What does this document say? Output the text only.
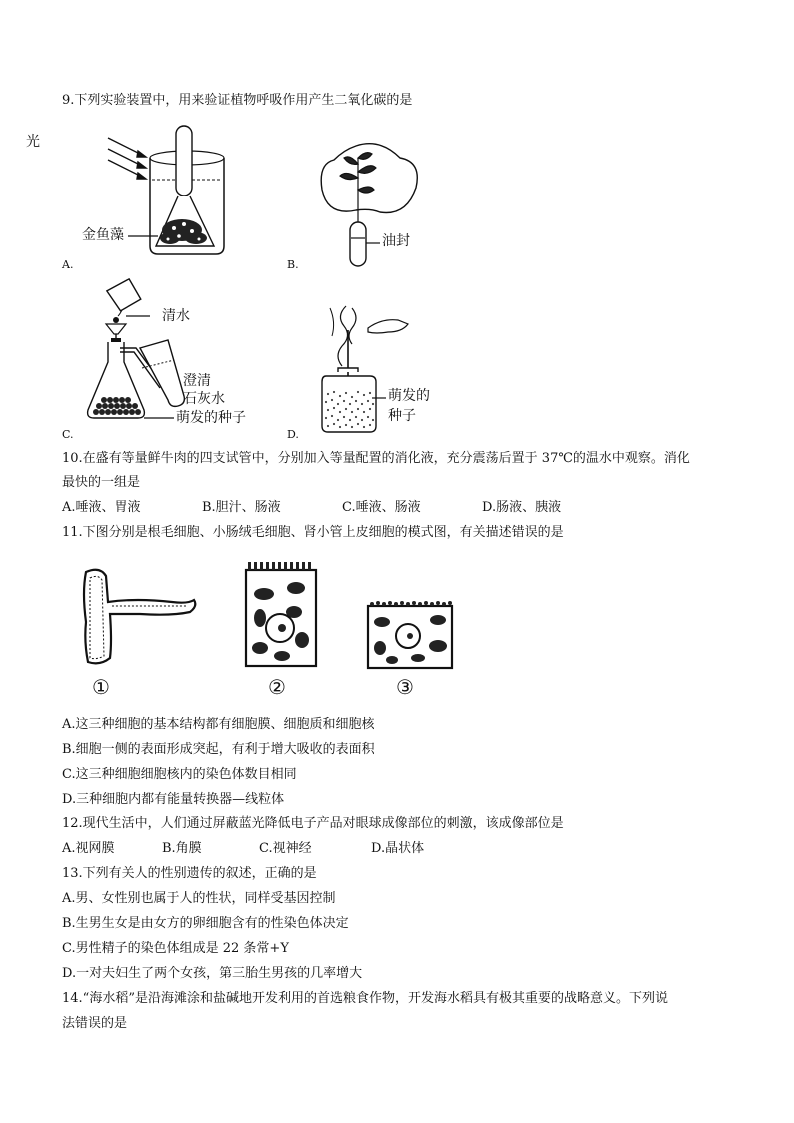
9.下列实验装置中，用来验证植物呼吸作用产生二氧化碳的是
光
金鱼藻
A.
油封
B.
清水
澄清
石灰水
萌发的种子
C.
萌发的
种子
D.
10.在盛有等量鲜牛肉的四支试管中，分别加入等量配置的消化液，充分震荡后置于 37℃的温水中观察。消化
最快的一组是
A.唾液、胃液	B.胆汁、肠液	C.唾液、肠液	D.肠液、胰液
11.下图分别是根毛细胞、小肠绒毛细胞、肾小管上皮细胞的模式图，有关描述错误的是
①	②	③
A.这三种细胞的基本结构都有细胞膜、细胞质和细胞核
B.细胞一侧的表面形成突起，有利于增大吸收的表面积
C.这三种细胞细胞核内的染色体数目相同
D.三种细胞内都有能量转换器—线粒体
12.现代生活中，人们通过屏蔽蓝光降低电子产品对眼球成像部位的刺激，该成像部位是
A.视网膜	B.角膜	C.视神经	D.晶状体
13.下列有关人的性别遗传的叙述，正确的是
A.男、女性别也属于人的性状，同样受基因控制
B.生男生女是由女方的卵细胞含有的性染色体决定
C.男性精子的染色体组成是 22 条常+Y
D.一对夫妇生了两个女孩，第三胎生男孩的几率增大
14.“海水稻”是沿海滩涂和盐碱地开发利用的首选粮食作物，开发海水稻具有极其重要的战略意义。下列说
法错误的是
